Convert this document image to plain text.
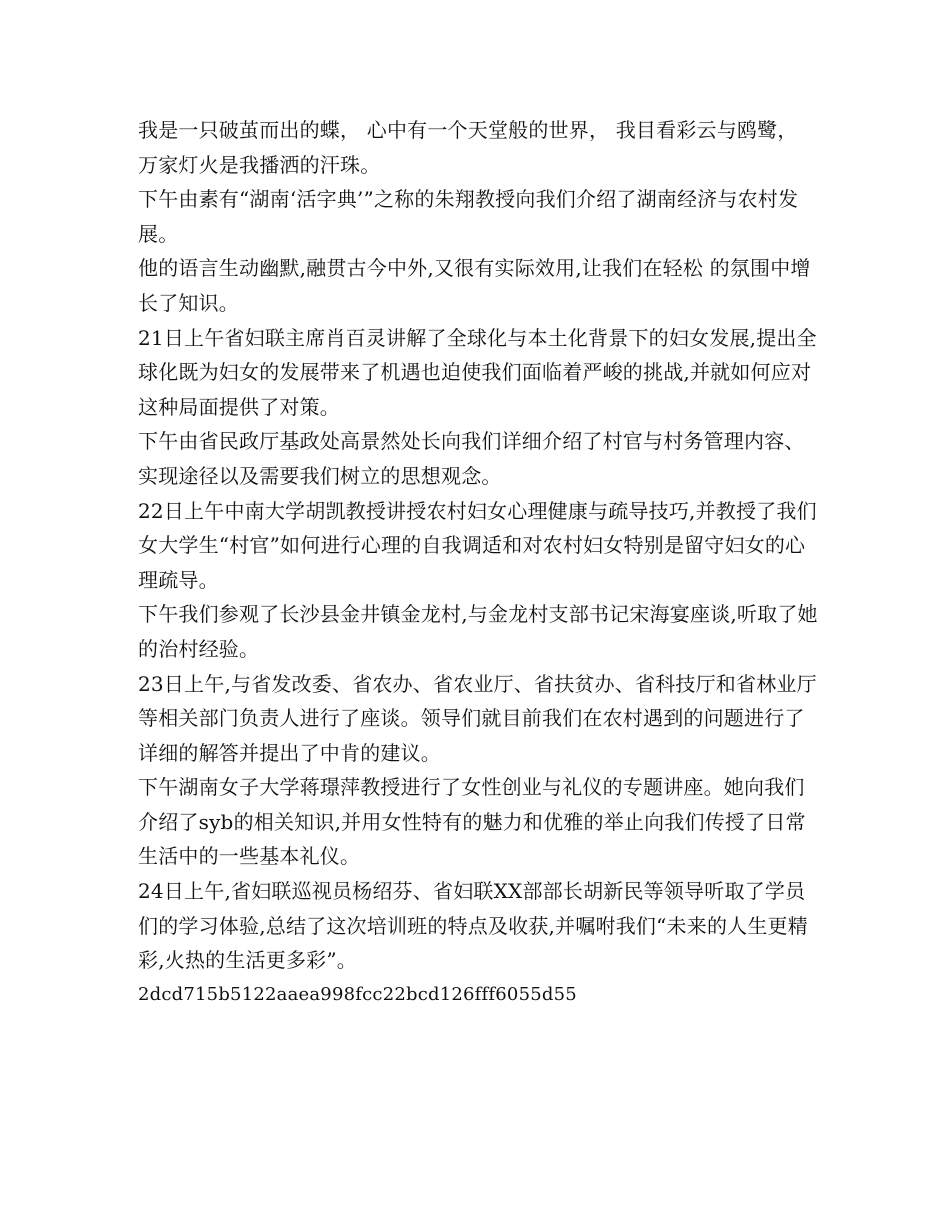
我是一只破茧而出的蝶， 心中有一个天堂般的世界， 我目看彩云与鸥鹭， 万家灯火是我播洒的汗珠。

下午由素有“湖南‘活字典’”之称的朱翔教授向我们介绍了湖南经济与农村发展。

他的语言生动幽默,融贯古今中外,又很有实际效用,让我们在轻松 的氛围中增长了知识。

21日上午省妇联主席肖百灵讲解了全球化与本土化背景下的妇女发展,提出全球化既为妇女的发展带来了机遇也迫使我们面临着严峻的挑战,并就如何应对这种局面提供了对策。

下午由省民政厅基政处高景然处长向我们详细介绍了村官与村务管理内容、实现途径以及需要我们树立的思想观念。

22日上午中南大学胡凯教授讲授农村妇女心理健康与疏导技巧,并教授了我们女大学生“村官”如何进行心理的自我调适和对农村妇女特别是留守妇女的心理疏导。

下午我们参观了长沙县金井镇金龙村,与金龙村支部书记宋海宴座谈,听取了她的治村经验。

23日上午,与省发改委、省农办、省农业厅、省扶贫办、省科技厅和省林业厅等相关部门负责人进行了座谈。领导们就目前我们在农村遇到的问题进行了详细的解答并提出了中肯的建议。

下午湖南女子大学蒋璟萍教授进行了女性创业与礼仪的专题讲座。她向我们介绍了syb的相关知识,并用女性特有的魅力和优雅的举止向我们传授了日常生活中的一些基本礼仪。

24日上午,省妇联巡视员杨绍芬、省妇联XX部部长胡新民等领导听取了学员们的学习体验,总结了这次培训班的特点及收获,并嘱咐我们“未来的人生更精彩,火热的生活更多彩”。

2dcd715b5122aaea998fcc22bcd126fff6055d55
